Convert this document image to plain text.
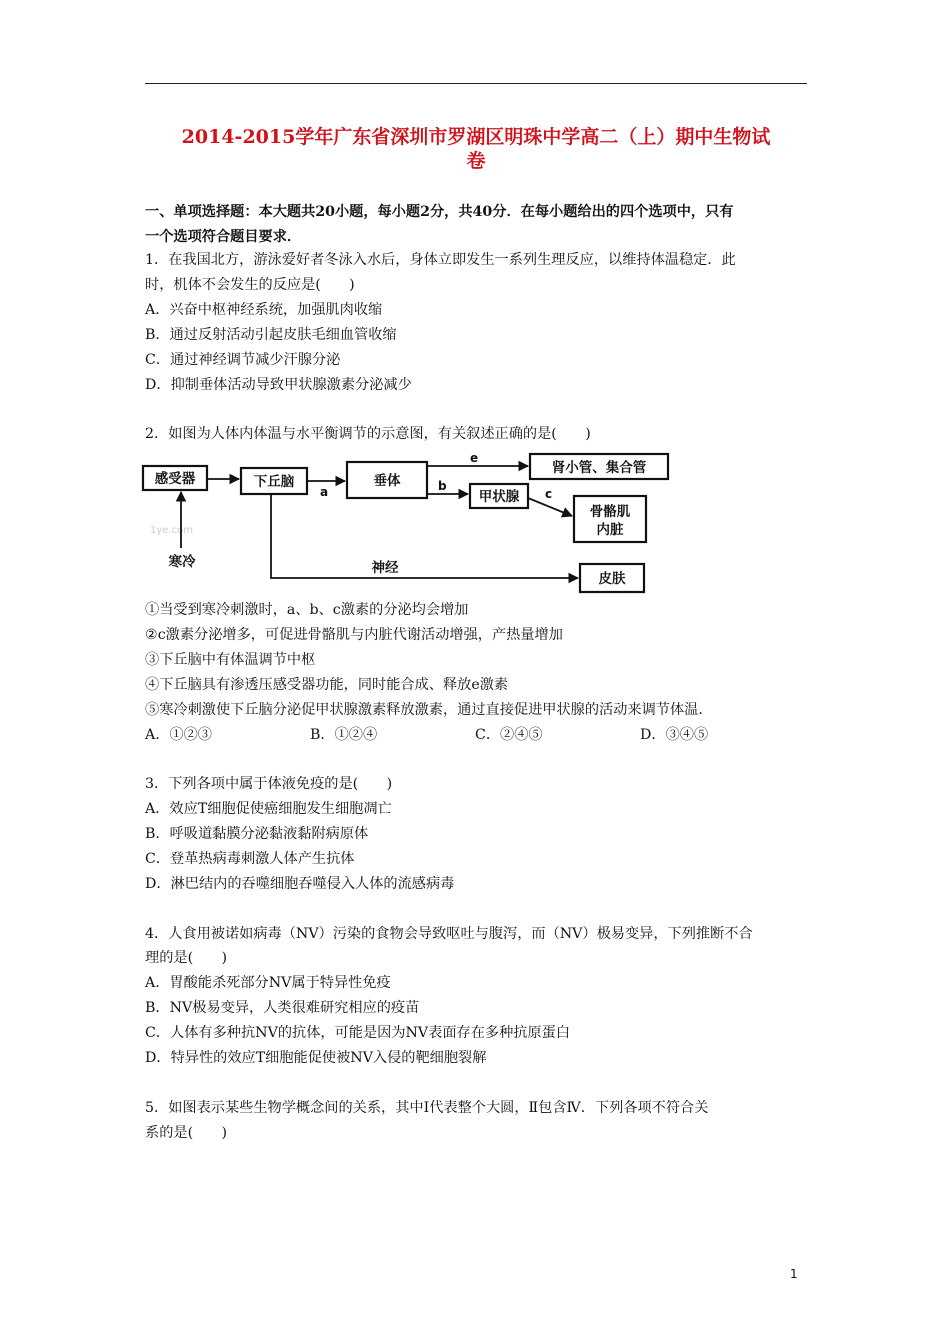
2014-2015学年广东省深圳市罗湖区明珠中学高二（上）期中生物试
卷
一、单项选择题：本大题共20小题，每小题2分，共40分．在每小题给出的四个选项中，只有
一个选项符合题目要求．
1．在我国北方，游泳爱好者冬泳入水后，身体立即发生一系列生理反应，以维持体温稳定．此
时，机体不会发生的反应是(　　)
A．兴奋中枢神经系统，加强肌肉收缩
B．通过反射活动引起皮肤毛细血管收缩
C．通过神经调节减少汗腺分泌
D．抑制垂体活动导致甲状腺激素分泌减少
2．如图为人体内体温与水平衡调节的示意图，有关叙述正确的是(　　)
1ye.com
感受器	下丘脑	垂体
肾小管、集合管
甲状腺
骨骼肌
内脏
皮肤
寒冷
a
e
b
c
神经
①当受到寒冷刺激时，a、b、c激素的分泌均会增加
②c激素分泌增多，可促进骨骼肌与内脏代谢活动增强，产热量增加
③下丘脑中有体温调节中枢
④下丘脑具有渗透压感受器功能，同时能合成、释放e激素
⑤寒冷刺激使下丘脑分泌促甲状腺激素释放激素，通过直接促进甲状腺的活动来调节体温．
A．①②③	B．①②④	C．②④⑤	D．③④⑤
3．下列各项中属于体液免疫的是(　　)
A．效应T细胞促使癌细胞发生细胞凋亡
B．呼吸道黏膜分泌黏液黏附病原体
C．登革热病毒刺激人体产生抗体
D．淋巴结内的吞噬细胞吞噬侵入人体的流感病毒
4．人食用被诺如病毒（NV）污染的食物会导致呕吐与腹泻，而（NV）极易变异，下列推断不合
理的是(　　)
A．胃酸能杀死部分NV属于特异性免疫
B．NV极易变异，人类很难研究相应的疫苗
C．人体有多种抗NV的抗体，可能是因为NV表面存在多种抗原蛋白
D．特异性的效应T细胞能促使被NV入侵的靶细胞裂解
5．如图表示某些生物学概念间的关系，其中Ⅰ代表整个大圆，Ⅱ包含Ⅳ．下列各项不符合关
系的是(　　)
1
